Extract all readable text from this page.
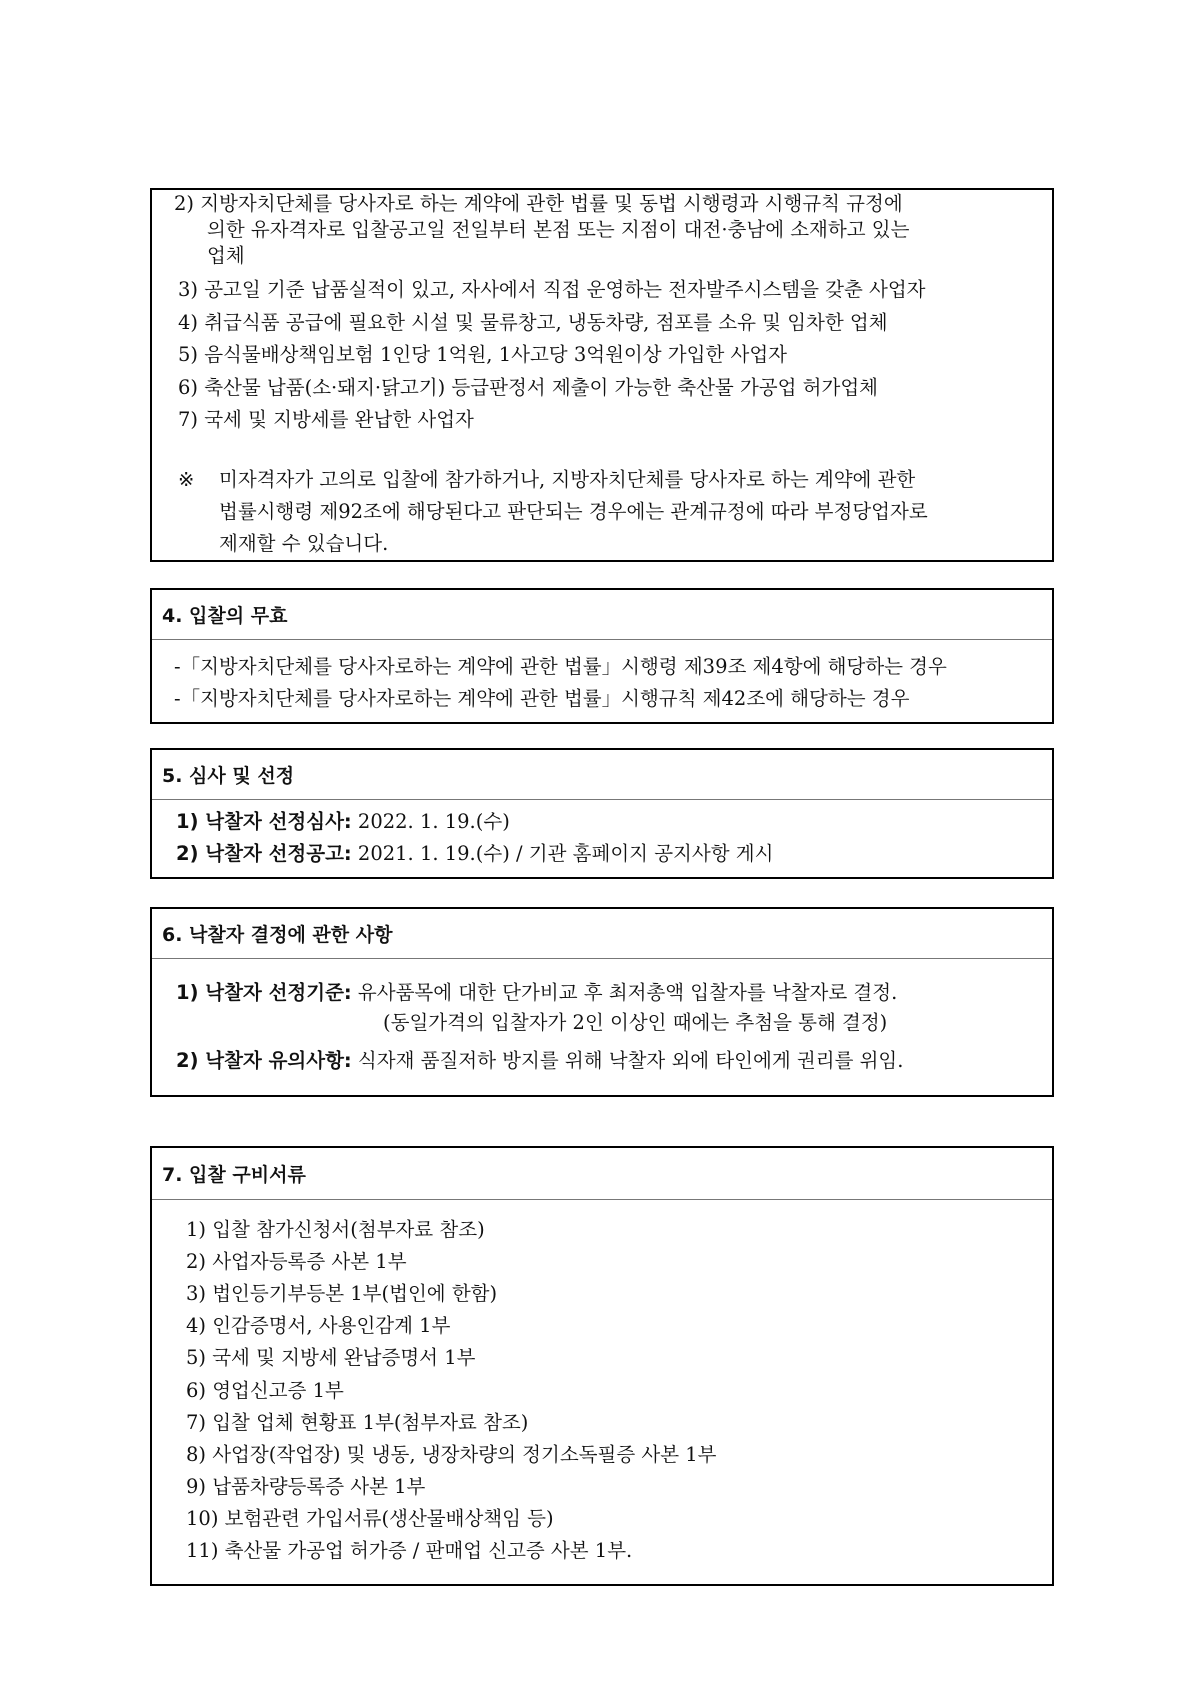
2) 지방자치단체를 당사자로 하는 계약에 관한 법률 및 동법 시행령과 시행규칙 규정에
의한 유자격자로 입찰공고일 전일부터 본점 또는 지점이 대전·충남에 소재하고 있는
업체
3) 공고일 기준 납품실적이 있고, 자사에서 직접 운영하는 전자발주시스템을 갖춘 사업자
4) 취급식품 공급에 필요한 시설 및 물류창고, 냉동차량, 점포를 소유 및 임차한 업체
5) 음식물배상책임보험 1인당 1억원, 1사고당 3억원이상 가입한 사업자
6) 축산물 납품(소·돼지·닭고기) 등급판정서 제출이 가능한 축산물 가공업 허가업체
7) 국세 및 지방세를 완납한 사업자
※ 미자격자가 고의로 입찰에 참가하거나, 지방자치단체를 당사자로 하는 계약에 관한
법률시행령 제92조에 해당된다고 판단되는 경우에는 관계규정에 따라 부정당업자로
제재할 수 있습니다.
4. 입찰의 무효
-「지방자치단체를 당사자로하는 계약에 관한 법률」시행령 제39조 제4항에 해당하는 경우
-「지방자치단체를 당사자로하는 계약에 관한 법률」시행규칙 제42조에 해당하는 경우
5. 심사 및 선정
1) 낙찰자 선정심사: 2022. 1. 19.(수)
2) 낙찰자 선정공고: 2021. 1. 19.(수) / 기관 홈페이지 공지사항 게시
6. 낙찰자 결정에 관한 사항
1) 낙찰자 선정기준: 유사품목에 대한 단가비교 후 최저총액 입찰자를 낙찰자로 결정.
(동일가격의 입찰자가 2인 이상인 때에는 추첨을 통해 결정)
2) 낙찰자 유의사항: 식자재 품질저하 방지를 위해 낙찰자 외에 타인에게 권리를 위임.
7. 입찰 구비서류
1) 입찰 참가신청서(첨부자료 참조)
2) 사업자등록증 사본 1부
3) 법인등기부등본 1부(법인에 한함)
4) 인감증명서, 사용인감계 1부
5) 국세 및 지방세 완납증명서 1부
6) 영업신고증 1부
7) 입찰 업체 현황표 1부(첨부자료 참조)
8) 사업장(작업장) 및 냉동, 냉장차량의 정기소독필증 사본 1부
9) 납품차량등록증 사본 1부
10) 보험관련 가입서류(생산물배상책임 등)
11) 축산물 가공업 허가증 / 판매업 신고증 사본 1부.
